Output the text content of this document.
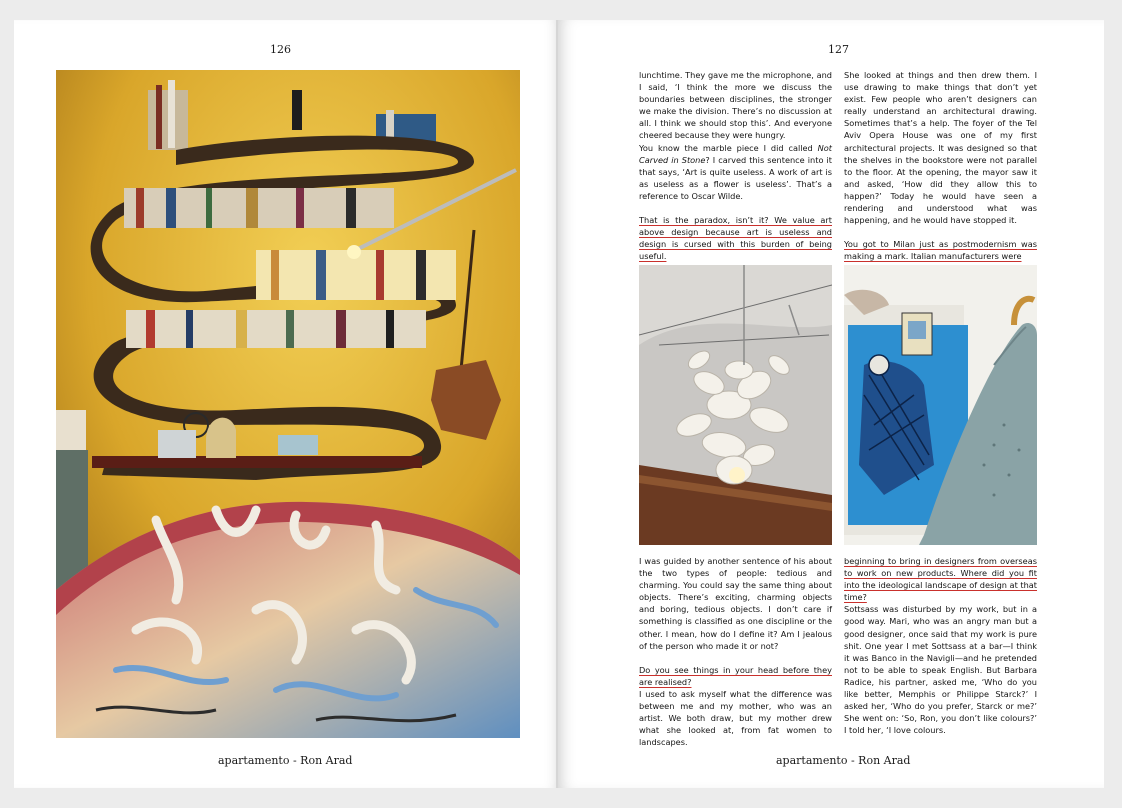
126
apartamento - Ron Arad
127

lunchtime. They gave me the microphone, and I said, ‘I think the more we discuss the boundaries between disciplines, the stronger we make the division. There’s no discussion at all. I think we should stop this’. And everyone cheered because they were hungry.

You know the marble piece I did called Not Carved in Stone? I carved this sentence into it that says, ‘Art is quite useless. A work of art is as useless as a flower is useless’. That’s a reference to Oscar Wilde.

That is the paradox, isn’t it? We value art above design because art is useless and design is cursed with this burden of being useful.

She looked at things and then drew them. I use drawing to make things that don’t yet exist. Few people who aren’t designers can really understand an architectural drawing. Sometimes that’s a help. The foyer of the Tel Aviv Opera House was one of my first architectural projects. It was designed so that the shelves in the bookstore were not parallel to the floor. At the opening, the mayor saw it and asked, ‘How did they allow this to happen?’ Today he would have seen a rendering and understood what was happening, and he would have stopped it.

You got to Milan just as postmodernism was making a mark. Italian manufacturers were

I was guided by another sentence of his about the two types of people: tedious and charming. You could say the same thing about objects. There’s exciting, charming objects and boring, tedious objects. I don’t care if something is classified as one discipline or the other. I mean, how do I define it? Am I jealous of the person who made it or not?

Do you see things in your head before they are realised?

I used to ask myself what the difference was between me and my mother, who was an artist. We both draw, but my mother drew what she looked at, from fat women to landscapes.

beginning to bring in designers from overseas to work on new products. Where did you fit into the ideological landscape of design at that time?

Sottsass was disturbed by my work, but in a good way. Mari, who was an angry man but a good designer, once said that my work is pure shit. One year I met Sottsass at a bar—I think it was Banco in the Navigli—and he pretended not to be able to speak English. But Barbara Radice, his partner, asked me, ‘Who do you like better, Memphis or Philippe Starck?’ I asked her, ‘Who do you prefer, Starck or me?’ She went on: ‘So, Ron, you don’t like colours?’ I told her, ‘I love colours.

apartamento - Ron Arad
